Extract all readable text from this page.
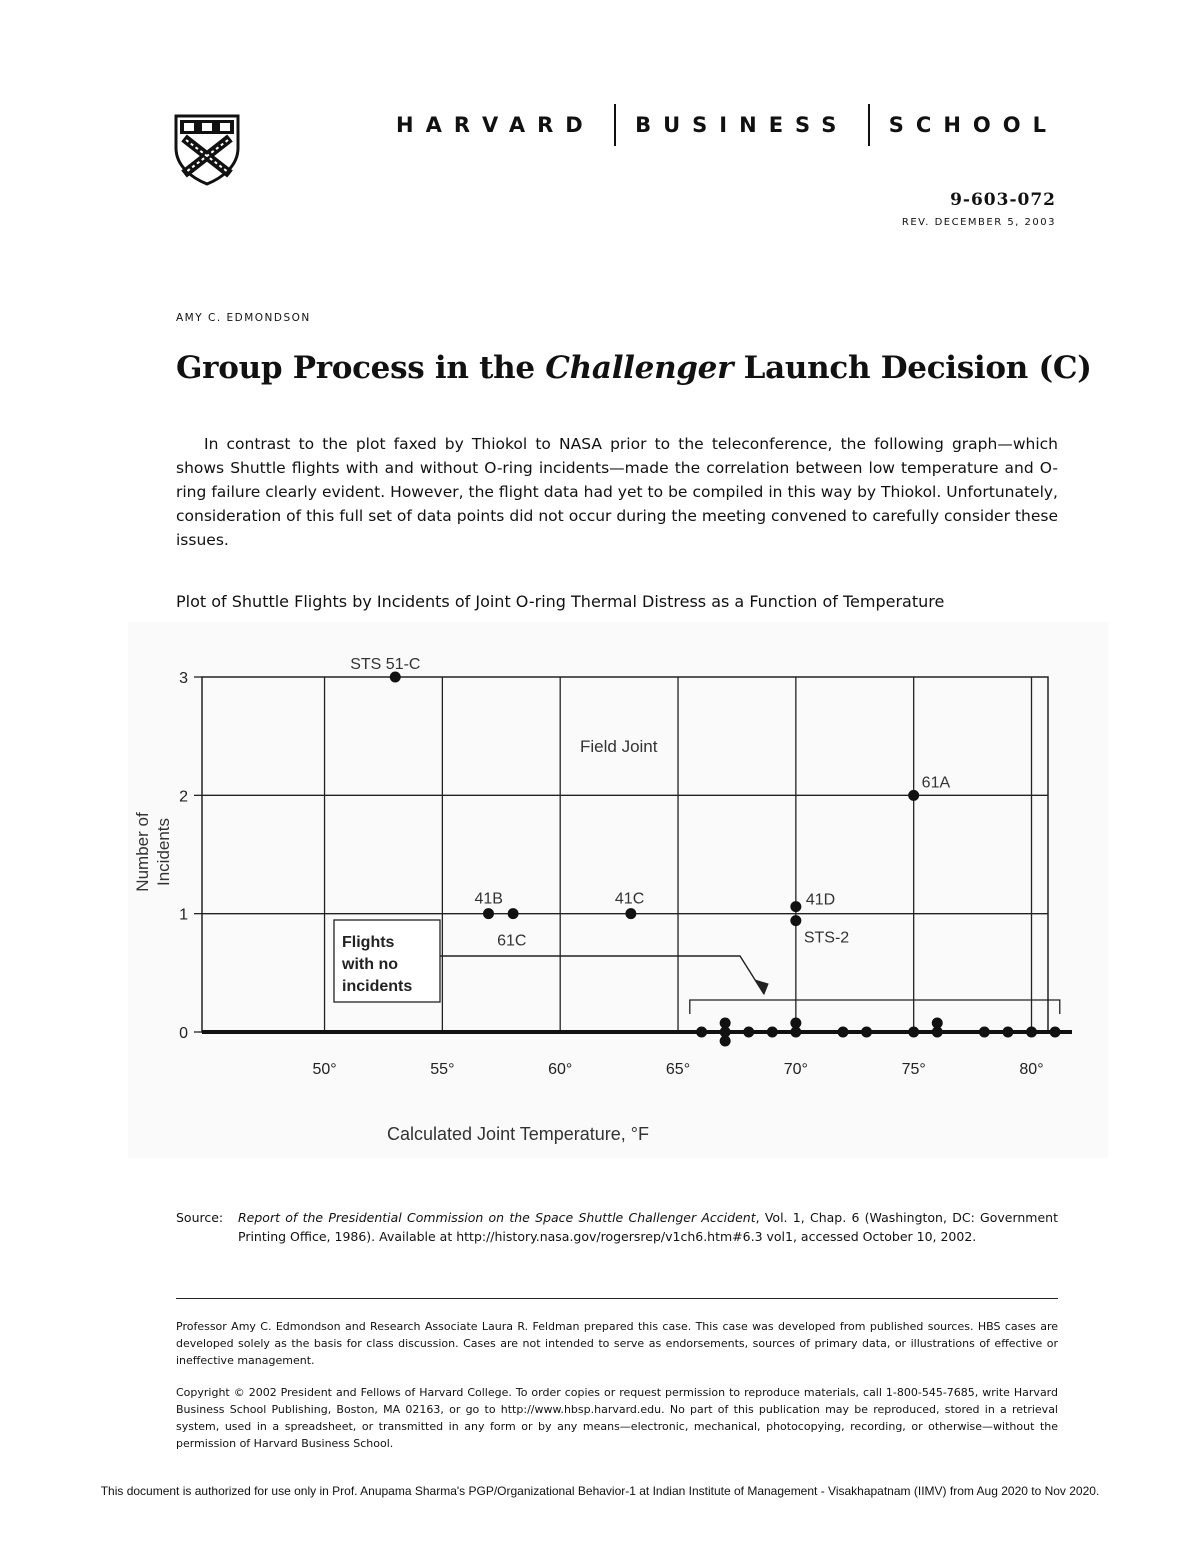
HARVARD BUSINESS SCHOOL
9-603-072
REV. DECEMBER 5, 2003
AMY C. EDMONDSON
Group Process in the Challenger Launch Decision (C)

In contrast to the plot faxed by Thiokol to NASA prior to the teleconference, the following graph—which shows Shuttle flights with and without O-ring incidents—made the correlation between low temperature and O-ring failure clearly evident. However, the flight data had yet to be compiled in this way by Thiokol. Unfortunately, consideration of this full set of data points did not occur during the meeting convened to carefully consider these issues.

Plot of Shuttle Flights by Incidents of Joint O-ring Thermal Distress as a Function of Temperature
50°	55°	60°	65°	70°	75°	80°
0
1
2
3
Calculated Joint Temperature, °F
Number of Incidents
Field Joint
STS 51-C
61A
41B
61C
41C	41D
STS-2
Flights
with no
incidents
Source: Report of the Presidential Commission on the Space Shuttle Challenger Accident, Vol. 1, Chap. 6 (Washington, DC: Government Printing Office, 1986). Available at http://history.nasa.gov/rogersrep/v1ch6.htm#6.3 vol1, accessed October 10, 2002.
Professor Amy C. Edmondson and Research Associate Laura R. Feldman prepared this case. This case was developed from published sources. HBS cases are developed solely as the basis for class discussion. Cases are not intended to serve as endorsements, sources of primary data, or illustrations of effective or ineffective management.
Copyright © 2002 President and Fellows of Harvard College. To order copies or request permission to reproduce materials, call 1-800-545-7685, write Harvard Business School Publishing, Boston, MA 02163, or go to http://www.hbsp.harvard.edu. No part of this publication may be reproduced, stored in a retrieval system, used in a spreadsheet, or transmitted in any form or by any means—electronic, mechanical, photocopying, recording, or otherwise—without the permission of Harvard Business School.
This document is authorized for use only in Prof. Anupama Sharma's PGP/Organizational Behavior-1 at Indian Institute of Management - Visakhapatnam (IIMV) from Aug 2020 to Nov 2020.
